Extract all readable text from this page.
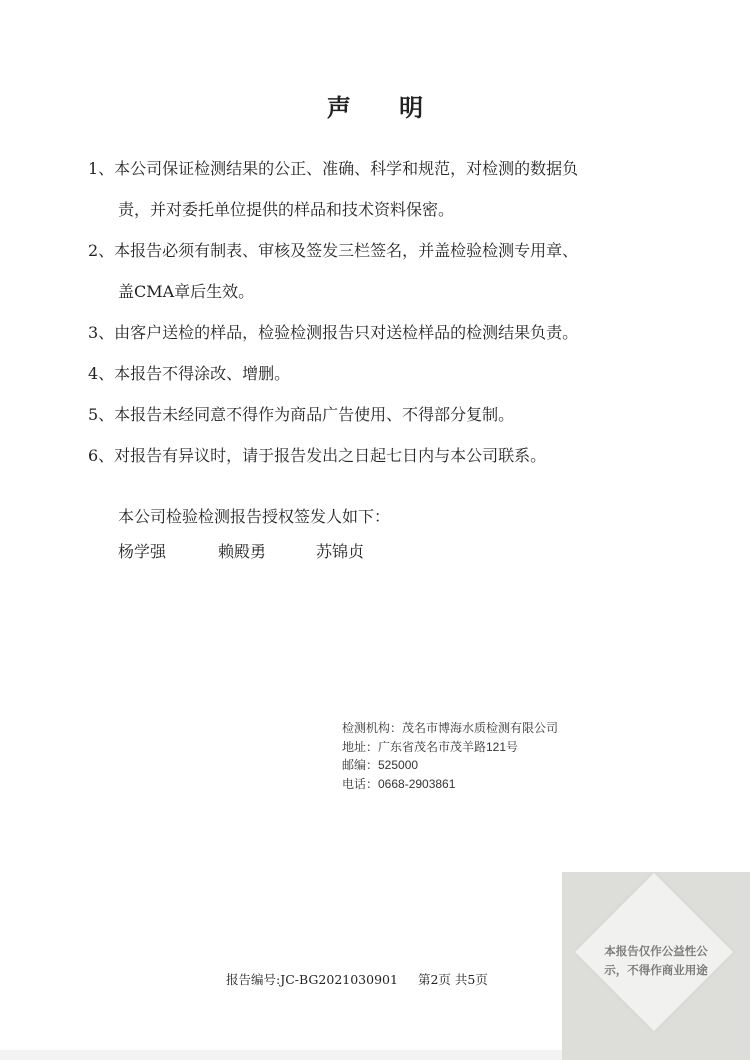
声 明
1、本公司保证检测结果的公正、准确、科学和规范，对检测的数据负
责，并对委托单位提供的样品和技术资料保密。
2、本报告必须有制表、审核及签发三栏签名，并盖检验检测专用章、
盖CMA章后生效。
3、由客户送检的样品，检验检测报告只对送检样品的检测结果负责。
4、本报告不得涂改、增删。
5、本报告未经同意不得作为商品广告使用、不得部分复制。
6、对报告有异议时，请于报告发出之日起七日内与本公司联系。
本公司检验检测报告授权签发人如下：
杨学强	赖殿勇	苏锦贞
检测机构：茂名市博海水质检测有限公司
地址：广东省茂名市茂羊路121号
邮编：525000
电话：0668-2903861
报告编号:JC-BG2021030901 第2页 共5页
本报告仅作公益性公
示，不得作商业用途
